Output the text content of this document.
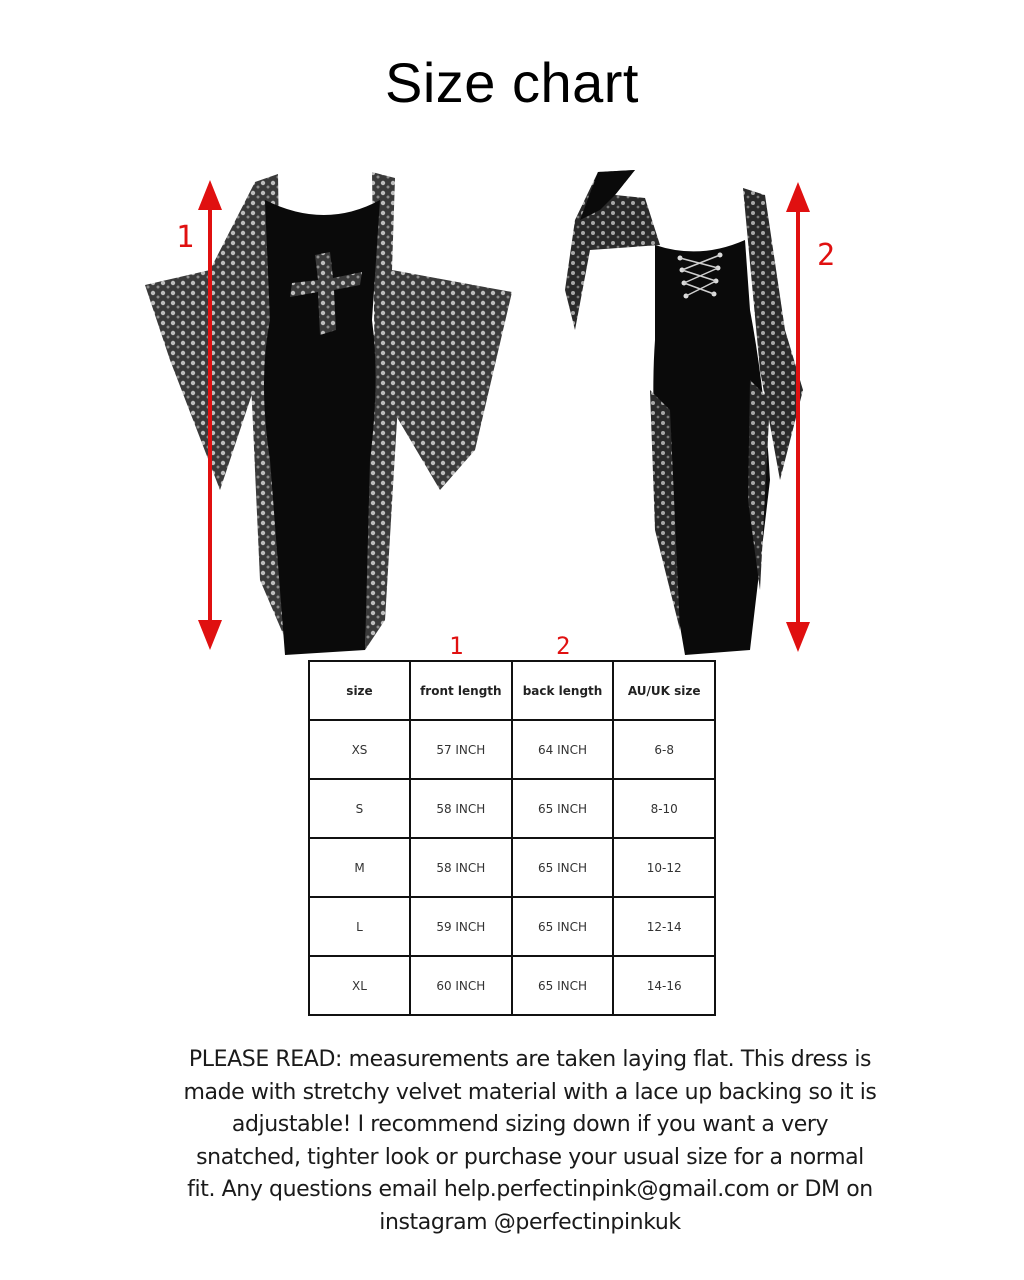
Size chart
1
2
1	2
size	front length	back length	AU/UK size
XS	57 INCH	64 INCH	6-8
S	58 INCH	65 INCH	8-10
M	58 INCH	65 INCH	10-12
L	59 INCH	65 INCH	12-14
XL	60 INCH	65 INCH	14-16
PLEASE READ: measurements are taken laying flat. This dress is made with stretchy velvet material with a lace up backing so it is adjustable! I recommend sizing down if you want a very snatched, tighter look or purchase your usual size for a normal fit. Any questions email help.perfectinpink@gmail.com or DM on instagram @perfectinpinkuk
